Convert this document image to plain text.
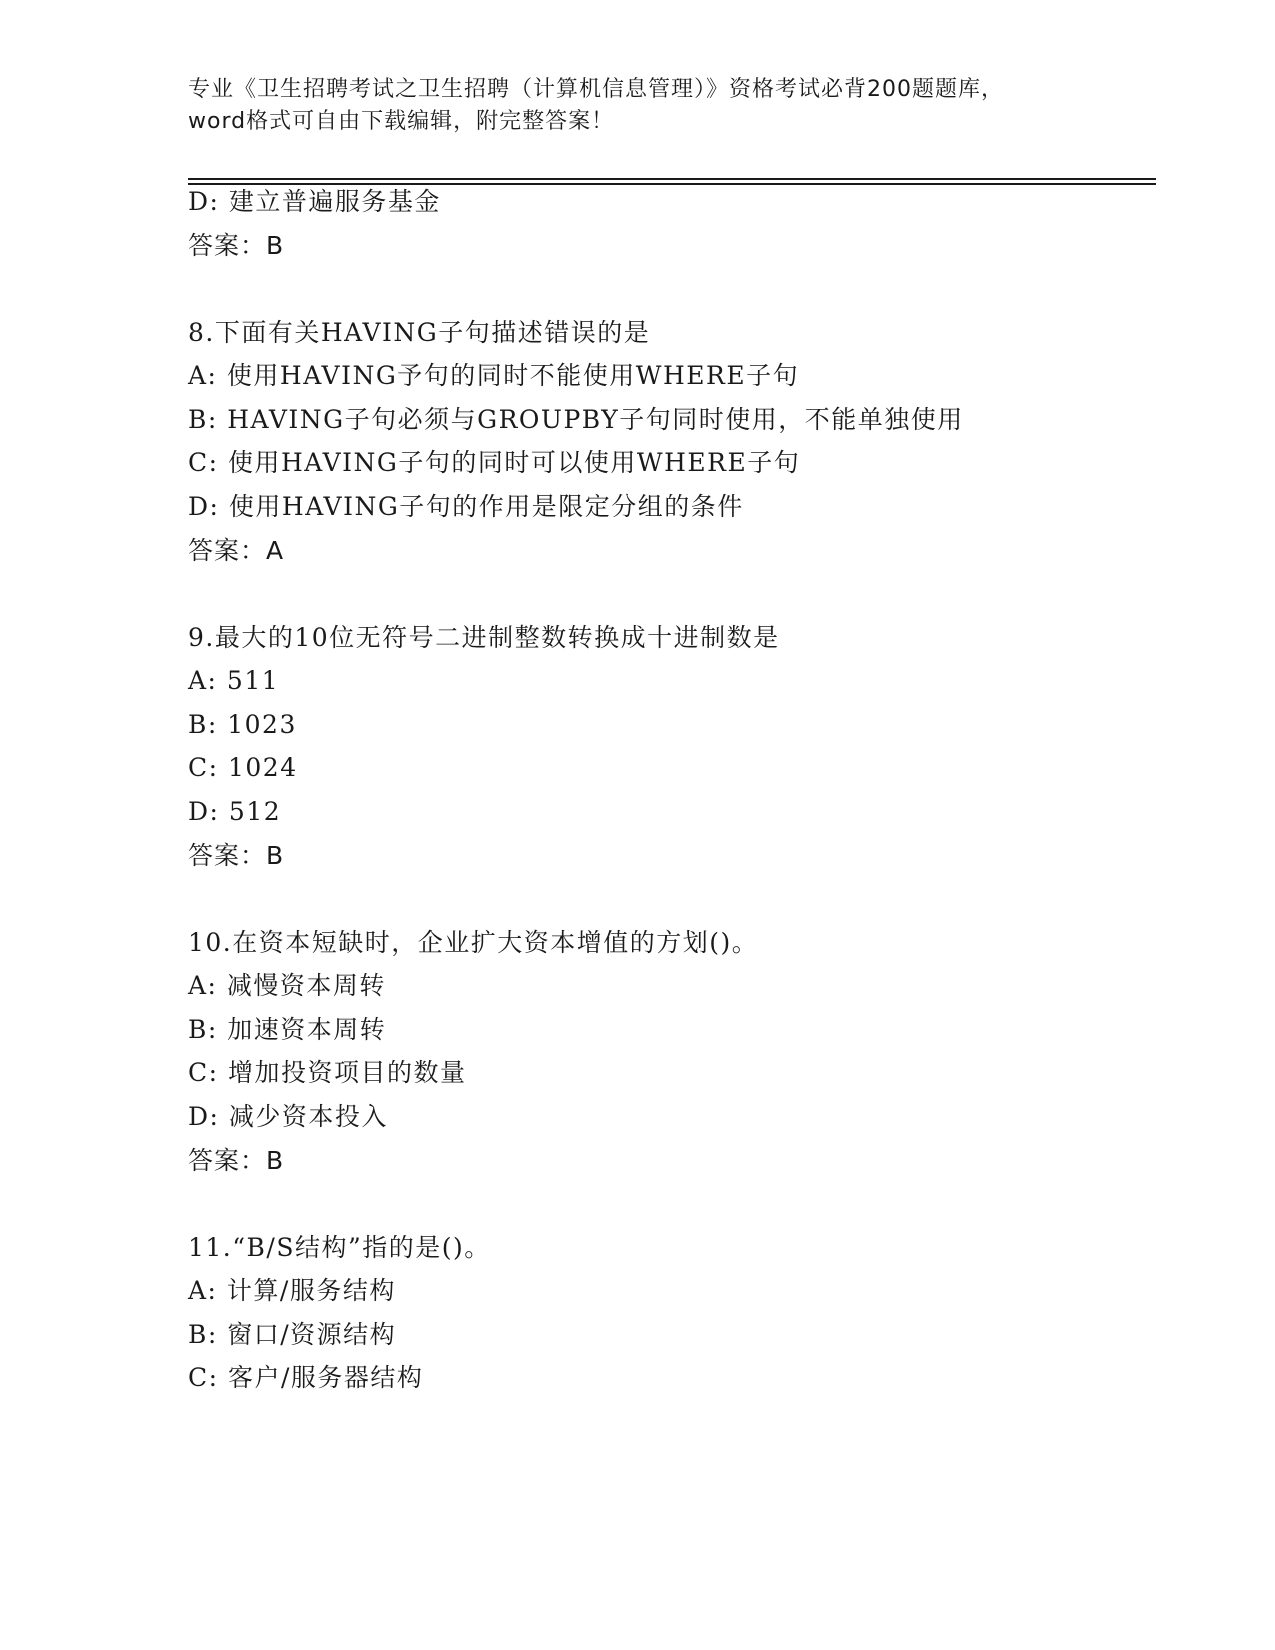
专业《卫生招聘考试之卫生招聘（计算机信息管理）》资格考试必背200题题库，
word格式可自由下载编辑，附完整答案！
D: 建立普遍服务基金
答案：B
8.下面有关HAVING子句描述错误的是
A: 使用HAVING予句的同时不能使用WHERE子句
B: HAVING子句必须与GROUPBY子句同时使用，不能单独使用
C: 使用HAVING子句的同时可以使用WHERE子句
D: 使用HAVING子句的作用是限定分组的条件
答案：A
9.最大的10位无符号二进制整数转换成十进制数是
A: 511
B: 1023
C: 1024
D: 512
答案：B
10.在资本短缺时，企业扩大资本增值的方划()。
A: 减慢资本周转
B: 加速资本周转
C: 增加投资项目的数量
D: 减少资本投入
答案：B
11.“B/S结构”指的是()。
A: 计算/服务结构
B: 窗口/资源结构
C: 客户/服务器结构
